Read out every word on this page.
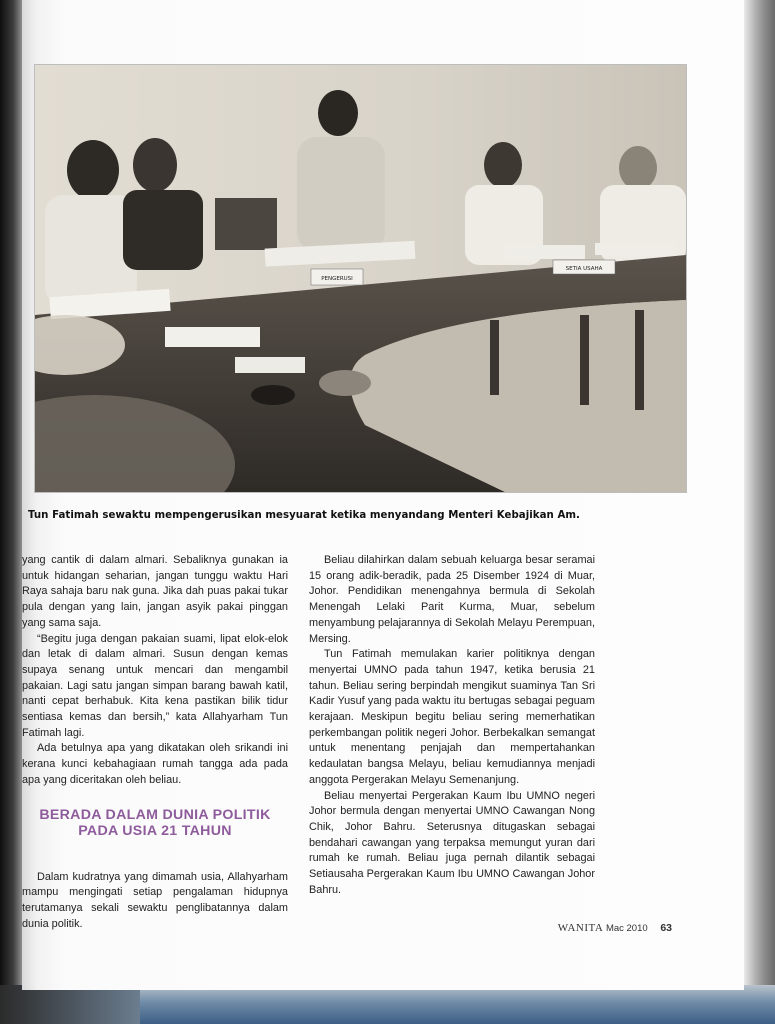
PENGERUSI
SETIA USAHA
Tun Fatimah sewaktu mempengerusikan mesyuarat ketika menyandang Menteri Kebajikan Am.

yang cantik di dalam almari. Sebaliknya gunakan ia untuk hidangan seharian, jangan tunggu waktu Hari Raya sahaja baru nak guna. Jika dah puas pakai tukar pula dengan yang lain, jangan asyik pakai pinggan yang sama saja.

“Begitu juga dengan pakaian suami, lipat elok-elok dan letak di dalam almari. Susun dengan kemas supaya senang untuk mencari dan mengambil pakaian. Lagi satu jangan simpan barang bawah katil, nanti cepat berhabuk. Kita kena pastikan bilik tidur sentiasa kemas dan bersih,” kata Allahyarham Tun Fatimah lagi.

Ada betulnya apa yang dikatakan oleh srikandi ini kerana kunci kebahagiaan rumah tangga ada pada apa yang diceritakan oleh beliau.

BERADA DALAM DUNIA POLITIK
PADA USIA 21 TAHUN

Dalam kudratnya yang dimamah usia, Allahyarham mampu mengingati setiap pengalaman hidupnya terutamanya sekali sewaktu penglibatannya dalam dunia politik.

Beliau dilahirkan dalam sebuah keluarga besar seramai 15 orang adik-beradik, pada 25 Disember 1924 di Muar, Johor. Pendidikan menengahnya bermula di Sekolah Menengah Lelaki Parit Kurma, Muar, sebelum menyambung pelajarannya di Sekolah Melayu Perempuan, Mersing.

Tun Fatimah memulakan karier politiknya dengan menyertai UMNO pada tahun 1947, ketika berusia 21 tahun. Beliau sering berpindah mengikut suaminya Tan Sri Kadir Yusuf yang pada waktu itu bertugas sebagai peguam kerajaan. Meskipun begitu beliau sering memerhatikan perkembangan politik negeri Johor. Berbekalkan semangat untuk menentang penjajah dan mempertahankan kedaulatan bangsa Melayu, beliau kemudiannya menjadi anggota Pergerakan Melayu Semenanjung.

Beliau menyertai Pergerakan Kaum Ibu UMNO negeri Johor bermula dengan menyertai UMNO Cawangan Nong Chik, Johor Bahru. Seterusnya ditugaskan sebagai bendahari cawangan yang terpaksa memungut yuran dari rumah ke rumah. Beliau juga pernah dilantik sebagai Setiausaha Pergerakan Kaum Ibu UMNO Cawangan Johor Bahru.

WANITA Mac 2010 63
